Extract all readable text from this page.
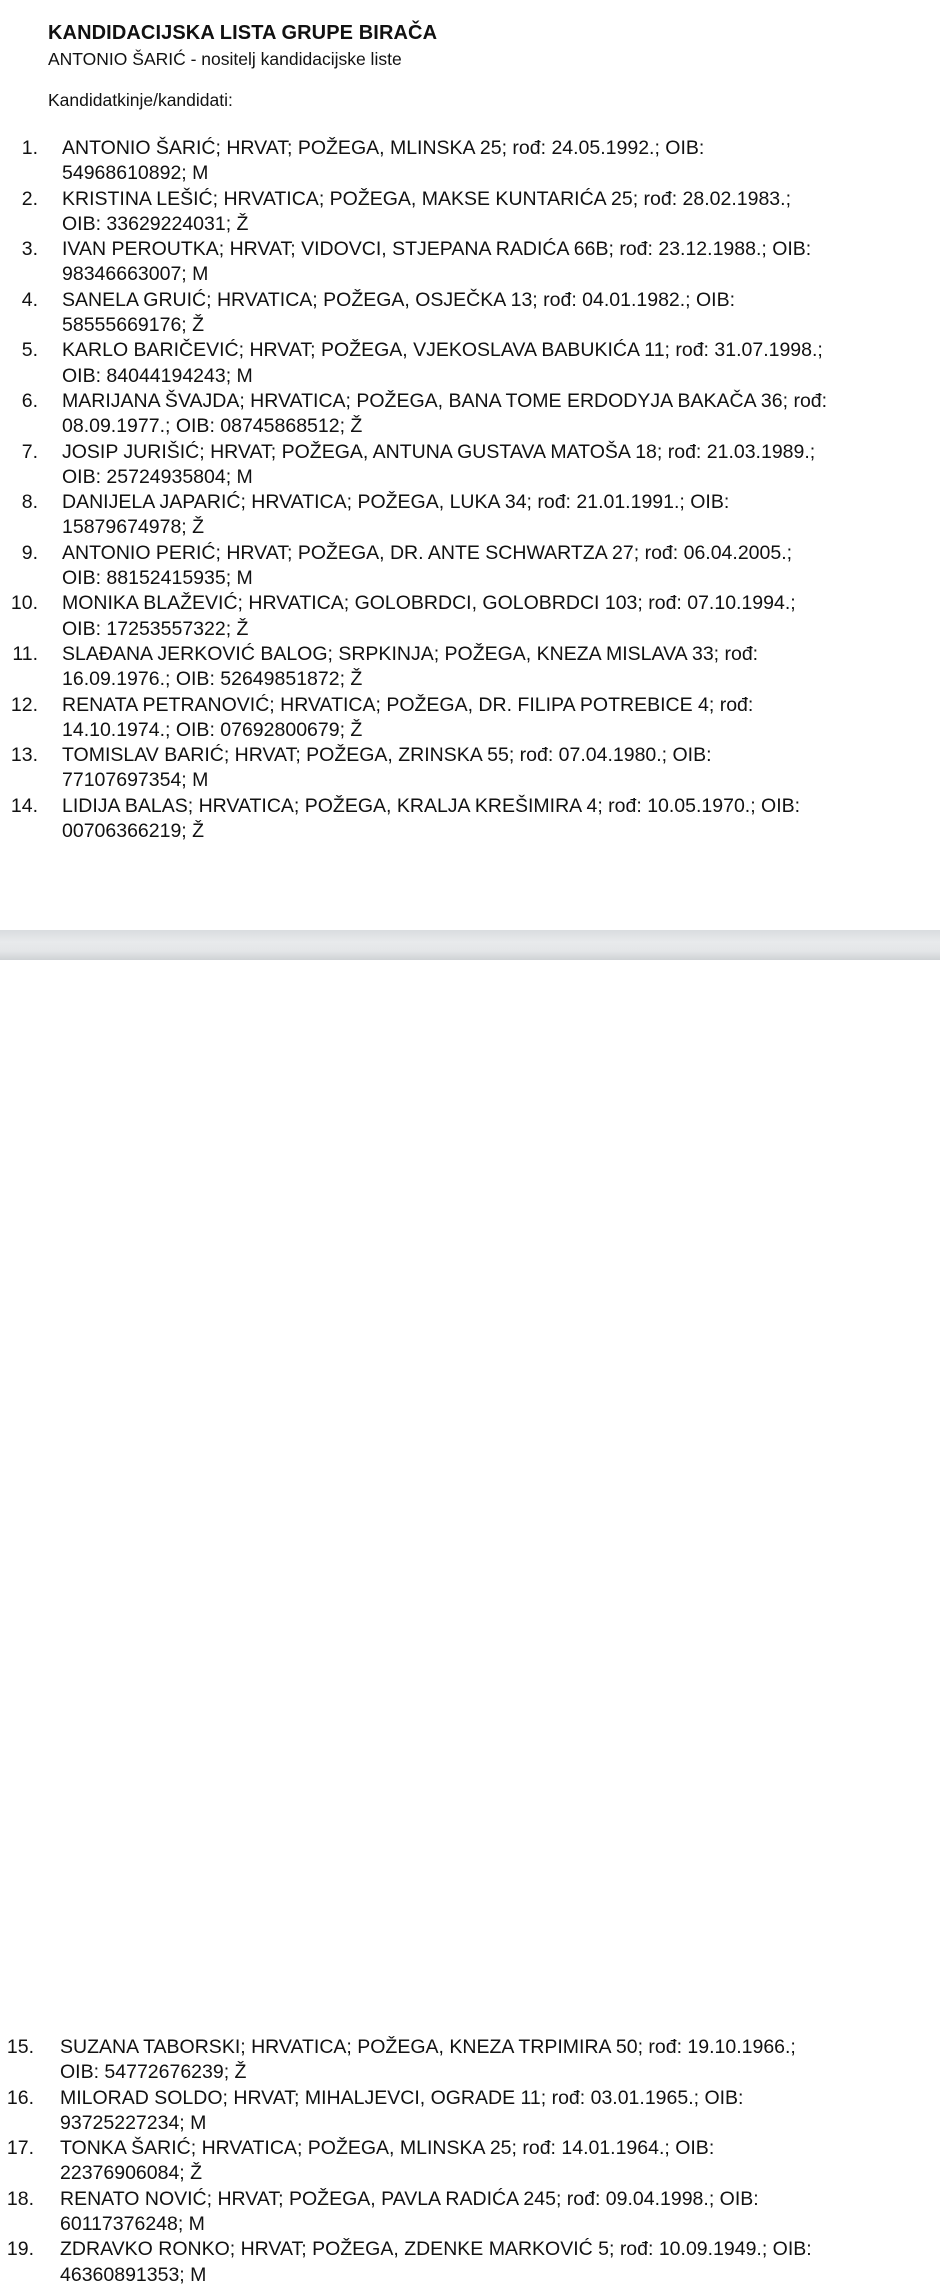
KANDIDACIJSKA LISTA GRUPE BIRAČA
ANTONIO ŠARIĆ - nositelj kandidacijske liste
Kandidatkinje/kandidati:
1. ANTONIO ŠARIĆ; HRVAT; POŽEGA, MLINSKA 25; rođ: 24.05.1992.; OIB:
54968610892; M
2. KRISTINA LEŠIĆ; HRVATICA; POŽEGA, MAKSE KUNTARIĆA 25; rođ: 28.02.1983.;
OIB: 33629224031; Ž
3. IVAN PEROUTKA; HRVAT; VIDOVCI, STJEPANA RADIĆA 66B; rođ: 23.12.1988.; OIB:
98346663007; M
4. SANELA GRUIĆ; HRVATICA; POŽEGA, OSJEČKA 13; rođ: 04.01.1982.; OIB:
58555669176; Ž
5. KARLO BARIČEVIĆ; HRVAT; POŽEGA, VJEKOSLAVA BABUKIĆA 11; rođ: 31.07.1998.;
OIB: 84044194243; M
6. MARIJANA ŠVAJDA; HRVATICA; POŽEGA, BANA TOME ERDODYJA BAKAČA 36; rođ:
08.09.1977.; OIB: 08745868512; Ž
7. JOSIP JURIŠIĆ; HRVAT; POŽEGA, ANTUNA GUSTAVA MATOŠA 18; rođ: 21.03.1989.;
OIB: 25724935804; M
8. DANIJELA JAPARIĆ; HRVATICA; POŽEGA, LUKA 34; rođ: 21.01.1991.; OIB:
15879674978; Ž
9. ANTONIO PERIĆ; HRVAT; POŽEGA, DR. ANTE SCHWARTZA 27; rođ: 06.04.2005.;
OIB: 88152415935; M
10. MONIKA BLAŽEVIĆ; HRVATICA; GOLOBRDCI, GOLOBRDCI 103; rođ: 07.10.1994.;
OIB: 17253557322; Ž
11. SLAĐANA JERKOVIĆ BALOG; SRPKINJA; POŽEGA, KNEZA MISLAVA 33; rođ:
16.09.1976.; OIB: 52649851872; Ž
12. RENATA PETRANOVIĆ; HRVATICA; POŽEGA, DR. FILIPA POTREBICE 4; rođ:
14.10.1974.; OIB: 07692800679; Ž
13. TOMISLAV BARIĆ; HRVAT; POŽEGA, ZRINSKA 55; rođ: 07.04.1980.; OIB:
77107697354; M
14. LIDIJA BALAS; HRVATICA; POŽEGA, KRALJA KREŠIMIRA 4; rođ: 10.05.1970.; OIB:
00706366219; Ž
15. SUZANA TABORSKI; HRVATICA; POŽEGA, KNEZA TRPIMIRA 50; rođ: 19.10.1966.;
OIB: 54772676239; Ž
16. MILORAD SOLDO; HRVAT; MIHALJEVCI, OGRADE 11; rođ: 03.01.1965.; OIB:
93725227234; M
17. TONKA ŠARIĆ; HRVATICA; POŽEGA, MLINSKA 25; rođ: 14.01.1964.; OIB:
22376906084; Ž
18. RENATO NOVIĆ; HRVAT; POŽEGA, PAVLA RADIĆA 245; rođ: 09.04.1998.; OIB:
60117376248; M
19. ZDRAVKO RONKO; HRVAT; POŽEGA, ZDENKE MARKOVIĆ 5; rođ: 10.09.1949.; OIB:
46360891353; M
